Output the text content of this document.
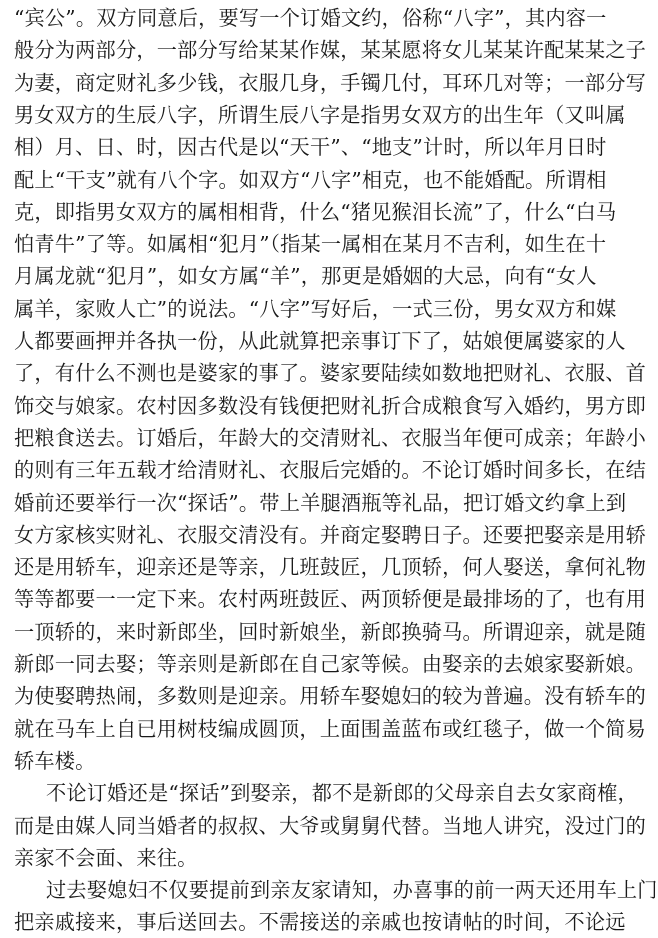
“宾公”。双方同意后，要写一个订婚文约，俗称“八字”，其内容一
般分为两部分，一部分写给某某作媒，某某愿将女儿某某许配某某之子
为妻，商定财礼多少钱，衣服几身，手镯几付，耳环几对等；一部分写
男女双方的生辰八字，所谓生辰八字是指男女双方的出生年（又叫属
相）月、日、时，因古代是以“天干”、“地支”计时，所以年月日时
配上“干支”就有八个字。如双方“八字”相克，也不能婚配。所谓相
克，即指男女双方的属相相背，什么“猪见猴泪长流”了，什么“白马
怕青牛”了等。如属相“犯月”（指某一属相在某月不吉利，如生在十
月属龙就“犯月”，如女方属“羊”，那更是婚姻的大忌，向有“女人
属羊，家败人亡”的说法。“八字”写好后，一式三份，男女双方和媒
人都要画押并各执一份，从此就算把亲事订下了，姑娘便属婆家的人
了，有什么不测也是婆家的事了。婆家要陆续如数地把财礼、衣服、首
饰交与娘家。农村因多数没有钱便把财礼折合成粮食写入婚约，男方即
把粮食送去。订婚后，年龄大的交清财礼、衣服当年便可成亲；年龄小
的则有三年五载才给清财礼、衣服后完婚的。不论订婚时间多长，在结
婚前还要举行一次“探话”。带上羊腿酒瓶等礼品，把订婚文约拿上到
女方家核实财礼、衣服交清没有。并商定娶聘日子。还要把娶亲是用轿
还是用轿车，迎亲还是等亲，几班鼓匠，几顶轿，何人娶送，拿何礼物
等等都要一一定下来。农村两班鼓匠、两顶轿便是最排场的了，也有用
一顶轿的，来时新郎坐，回时新娘坐，新郎换骑马。所谓迎亲，就是随
新郎一同去娶；等亲则是新郎在自己家等候。由娶亲的去娘家娶新娘。
为使娶聘热闹，多数则是迎亲。用轿车娶媳妇的较为普遍。没有轿车的
就在马车上自已用树枝编成圆顶，上面围盖蓝布或红毯子，做一个简易
轿车楼。
不论订婚还是“探话”到娶亲，都不是新郎的父母亲自去女家商榷，
而是由媒人同当婚者的叔叔、大爷或舅舅代替。当地人讲究，没过门的
亲家不会面、来往。
过去娶媳妇不仅要提前到亲友家请知，办喜事的前一两天还用车上门
把亲戚接来，事后送回去。不需接送的亲戚也按请帖的时间，不论远
